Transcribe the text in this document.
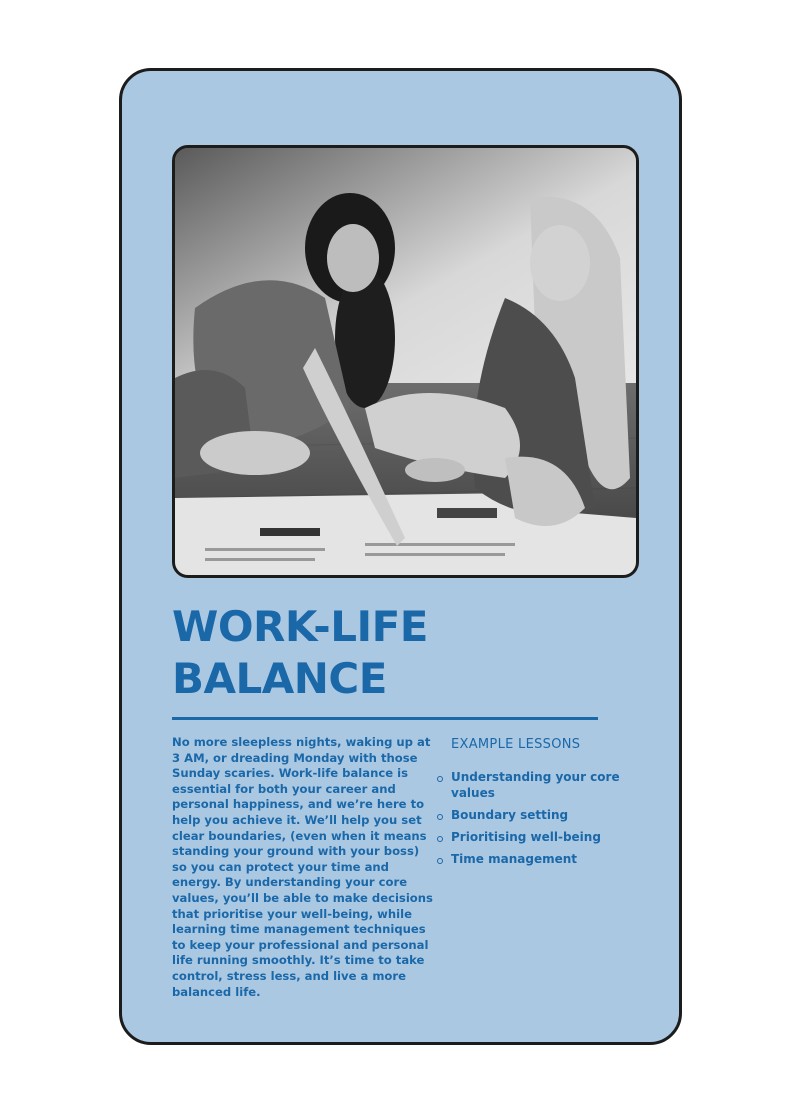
WORK-LIFE
BALANCE

No more sleepless nights, waking up at 3 AM, or dreading Monday with those Sunday scaries. Work-life balance is essential for both your career and personal happiness, and we’re here to help you achieve it. We’ll help you set clear boundaries, (even when it means standing your ground with your boss) so you can protect your time and energy. By understanding your core values, you’ll be able to make decisions that prioritise your well-being, while learning time management techniques to keep your professional and personal life running smoothly. It’s time to take control, stress less, and live a more balanced life.

EXAMPLE LESSONS
Understanding your core values
Boundary setting
Prioritising well-being
Time management
